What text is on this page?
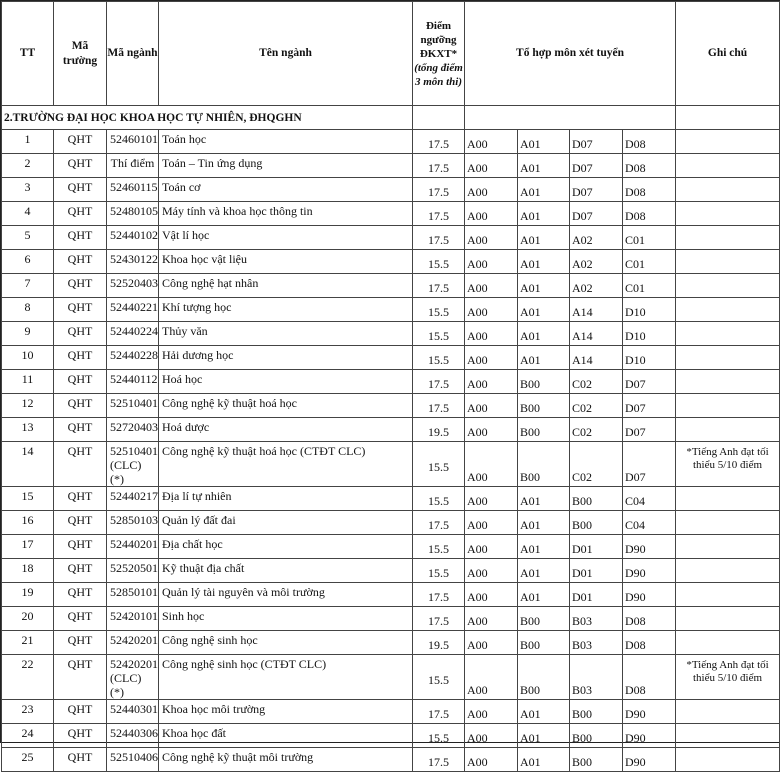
TT	Mã trường	Mã ngành	Tên ngành	Điểm ngưỡng ĐKXT*
(tổng điểm 3 môn thi)	Tổ hợp môn xét tuyển				Ghi chú
2.TRƯỜNG ĐẠI HỌC KHOA HỌC TỰ NHIÊN, ĐHQGHN									
1	QHT	52460101	Toán học	17.5	A00	A01	D07	D08	
2	QHT	Thí điểm	Toán – Tin ứng dụng	17.5	A00	A01	D07	D08	
3	QHT	52460115	Toán cơ	17.5	A00	A01	D07	D08	
4	QHT	52480105	Máy tính và khoa học thông tin	17.5	A00	A01	D07	D08	
5	QHT	52440102	Vật lí học	17.5	A00	A01	A02	C01	
6	QHT	52430122	Khoa học vật liệu	15.5	A00	A01	A02	C01	
7	QHT	52520403	Công nghệ hạt nhân	17.5	A00	A01	A02	C01	
8	QHT	52440221	Khí tượng học	15.5	A00	A01	A14	D10	
9	QHT	52440224	Thủy văn	15.5	A00	A01	A14	D10	
10	QHT	52440228	Hải dương học	15.5	A00	A01	A14	D10	
11	QHT	52440112	Hoá học	17.5	A00	B00	C02	D07	
12	QHT	52510401	Công nghệ kỹ thuật hoá học	17.5	A00	B00	C02	D07	
13	QHT	52720403	Hoá dược	19.5	A00	B00	C02	D07	
14	QHT	52510401 (CLC) (*)	Công nghệ kỹ thuật hoá học (CTĐT CLC)	15.5	A00	B00	C02	D07	*Tiếng Anh đạt tối thiểu 5/10 điểm
15	QHT	52440217	Địa lí tự nhiên	15.5	A00	A01	B00	C04	
16	QHT	52850103	Quản lý đất đai	17.5	A00	A01	B00	C04	
17	QHT	52440201	Địa chất học	15.5	A00	A01	D01	D90	
18	QHT	52520501	Kỹ thuật địa chất	15.5	A00	A01	D01	D90	
19	QHT	52850101	Quản lý tài nguyên và môi trường	17.5	A00	A01	D01	D90	
20	QHT	52420101	Sinh học	17.5	A00	B00	B03	D08	
21	QHT	52420201	Công nghệ sinh học	19.5	A00	B00	B03	D08	
22	QHT	52420201 (CLC) (*)	Công nghệ sinh học (CTĐT CLC)	15.5	A00	B00	B03	D08	*Tiếng Anh đạt tối thiểu 5/10 điểm
23	QHT	52440301	Khoa học môi trường	17.5	A00	A01	B00	D90	
24	QHT	52440306	Khoa học đất	15.5	A00	A01	B00	D90	
25	QHT	52510406	Công nghệ kỹ thuật môi trường	17.5	A00	A01	B00	D90	
